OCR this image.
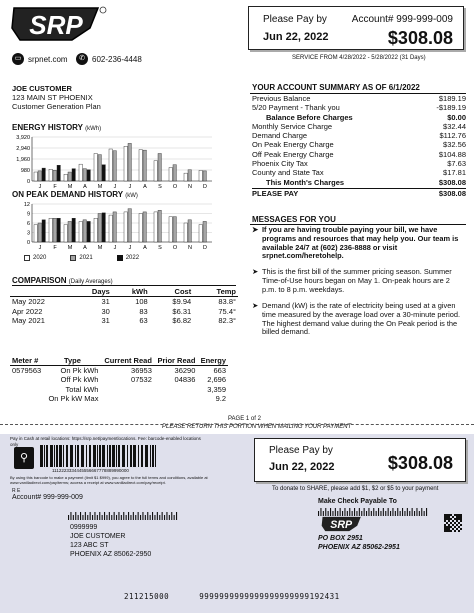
SRP
▭ srpnet.com	✆ 602-236-4448
Please Pay by
Jun 22, 2022
Account# 999-999-009
$308.08
SERVICE FROM 4/28/2022 - 5/28/2022 (31 Days)
JOE CUSTOMER
123 MAIN ST PHOENIX
Customer Generation Plan
ENERGY HISTORY (kWh)
3,920
2,940
1,960
980
0
J F M A M J J A S O N D
ON PEAK DEMAND HISTORY (kW)
12
9
6
3
0
J F M A M J J A S O N D
2020	2021	2022
COMPARISON (Daily Averages)
	Days	kWh	Cost	Temp
May 2022	31	108	$9.94	83.8°
Apr 2022	30	83	$6.31	75.4°
May 2021	31	63	$6.82	82.3°
Meter #	Type	Current Read	Prior Read	Energy
0579563	On Pk kWh	36953	36290	663
	Off Pk kWh	07532	04836	2,696
	Total kWh			3,359
	On Pk kW Max			9.2
YOUR ACCOUNT SUMMARY AS OF 6/1/2022
Previous Balance	$189.19
5/20 Payment - Thank you	-$189.19
Balance Before Charges	$0.00
Monthly Service Charge	$32.44
Demand Charge	$112.76
On Peak Energy Charge	$32.56
Off Peak Energy Charge	$104.88
Phoenix City Tax	$7.63
County and State Tax	$17.81
This Month's Charges	$308.08
PLEASE PAY	$308.08
MESSAGES FOR YOU
➤ If you are having trouble paying your bill, we have programs and resources that may help you. Our team is available 24/7 at (602) 236-8888 or visit srpnet.com/heretohelp.
➤ This is the first bill of the summer pricing season. Summer Time-of-Use hours began on May 1. On-peak hours are 2 p.m. to 8 p.m. weekdays.
➤ Demand (kW) is the rate of electricity being used at a given time measured by the average load over a 30-minute period. The highest demand value during the On Peak period is the billed demand.
PAGE 1 of 2
PLEASE RETURN THIS PORTION WHEN MAILING YOUR PAYMENT
Pay in Cash at retail locations: https://srp.net/paymentlocations. Fee: barcode-enabled locations only
⚲
1112223334445556667778889990000
By using this barcode to make a payment (limit $1 $999), you agree to the full terms and conditions, available at www.vanilladirect.com/pay/terms; access a receipt at www.vanilladirect.com/pay/receipt.
R E
Account# 999-999-009
Please Pay by
Jun 22, 2022	$308.08
To donate to SHARE, please add $1, $2 or $5 to your payment
Make Check Payable To
0999999
JOE CUSTOMER
123 ABC ST
PHOENIX AZ 85062-2950
SRP
PO BOX 2951
PHOENIX AZ 85062-2951
211215000	9999999999999999999999192431
